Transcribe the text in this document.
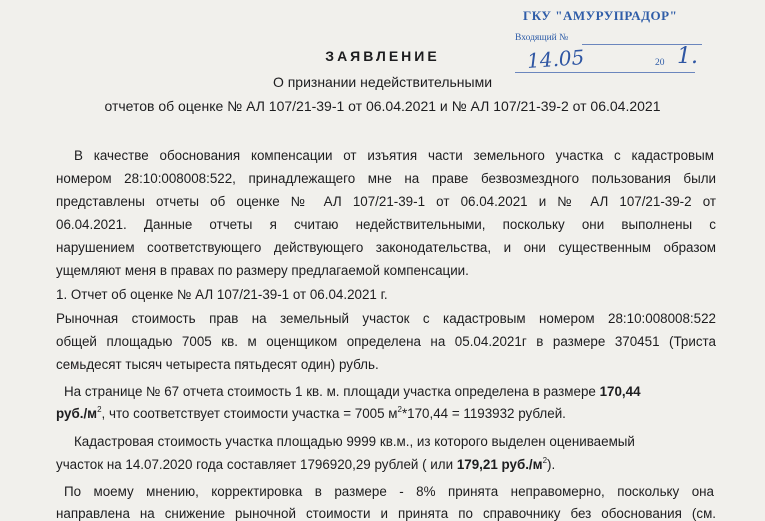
ГКУ "АМУРУПРАДОР"
Входящий №
14.05	20 1.
ЗАЯВЛЕНИЕ
О признании недействительными
отчетов об оценке № АЛ 107/21-39-1 от 06.04.2021 и № АЛ 107/21-39-2 от 06.04.2021
В качестве обоснования компенсации от изъятия части земельного участка с кадастровым
номером 28:10:008008:522, принадлежащего мне на праве безвозмездного пользования были
представлены отчеты об оценке № АЛ 107/21-39-1 от 06.04.2021 и № АЛ 107/21-39-2 от
06.04.2021. Данные отчеты я считаю недействительными, поскольку они выполнены с
нарушением соответствующего действующего законодательства, и они существенным образом
ущемляют меня в правах по размеру предлагаемой компенсации.
1. Отчет об оценке № АЛ 107/21-39-1 от 06.04.2021 г.
Рыночная стоимость прав на земельный участок с кадастровым номером 28:10:008008:522
общей площадью 7005 кв. м оценщиком определена на 05.04.2021г в размере 370451 (Триста
семьдесят тысяч четыреста пятьдесят один) рубль.
На странице № 67 отчета стоимость 1 кв. м. площади участка определена в размере 170,44
$руб./м^2$, что соответствует стоимости участка = 7005 $м^2*170,44 = 1193932$ рублей.
Кадастровая стоимость участка площадью 9999 кв.м., из которого выделен оцениваемый
участок на 14.07.2020 года составляет 1796920,29 рублей ( или 179,21 $руб./м^2$).
По моему мнению, корректировка в размере - 8% принята неправомерно, поскольку она
направлена на снижение рыночной стоимости и принята по справочнику без обоснования (см.
